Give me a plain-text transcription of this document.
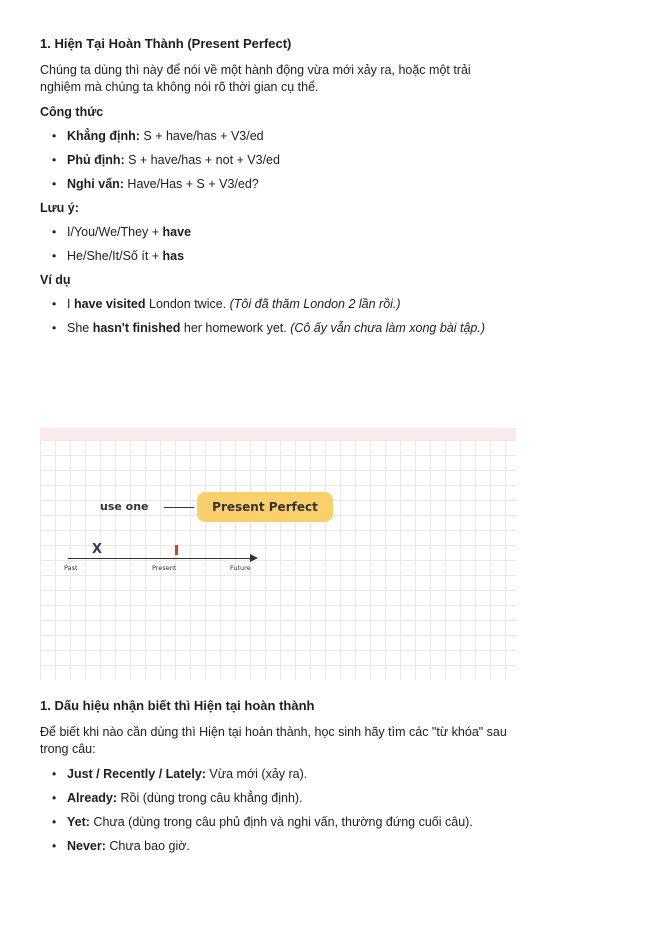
1. Hiện Tại Hoàn Thành (Present Perfect)

Chúng ta dùng thì này để nói về một hành động vừa mới xảy ra, hoặc một trải
nghiệm mà chúng ta không nói rõ thời gian cụ thể.

Công thức
• Khẳng định: S + have/has + V3/ed
• Phủ định: S + have/has + not + V3/ed
• Nghi vấn: Have/Has + S + V3/ed?
Lưu ý:
• I/You/We/They + have
• He/She/It/Số ít + has
Ví dụ
• I have visited London twice. (Tôi đã thăm London 2 lần rồi.)
• She hasn't finished her homework yet. (Cô ấy vẫn chưa làm xong bài tập.)
use one	Present Perfect
X
Past	Present	Future
1. Dấu hiệu nhận biết thì Hiện tại hoàn thành

Để biết khi nào cần dùng thì Hiện tại hoàn thành, học sinh hãy tìm các "từ khóa" sau
trong câu:

• Just / Recently / Lately: Vừa mới (xảy ra).
• Already: Rồi (dùng trong câu khẳng định).
• Yet: Chưa (dùng trong câu phủ định và nghi vấn, thường đứng cuối câu).
• Never: Chưa bao giờ.
